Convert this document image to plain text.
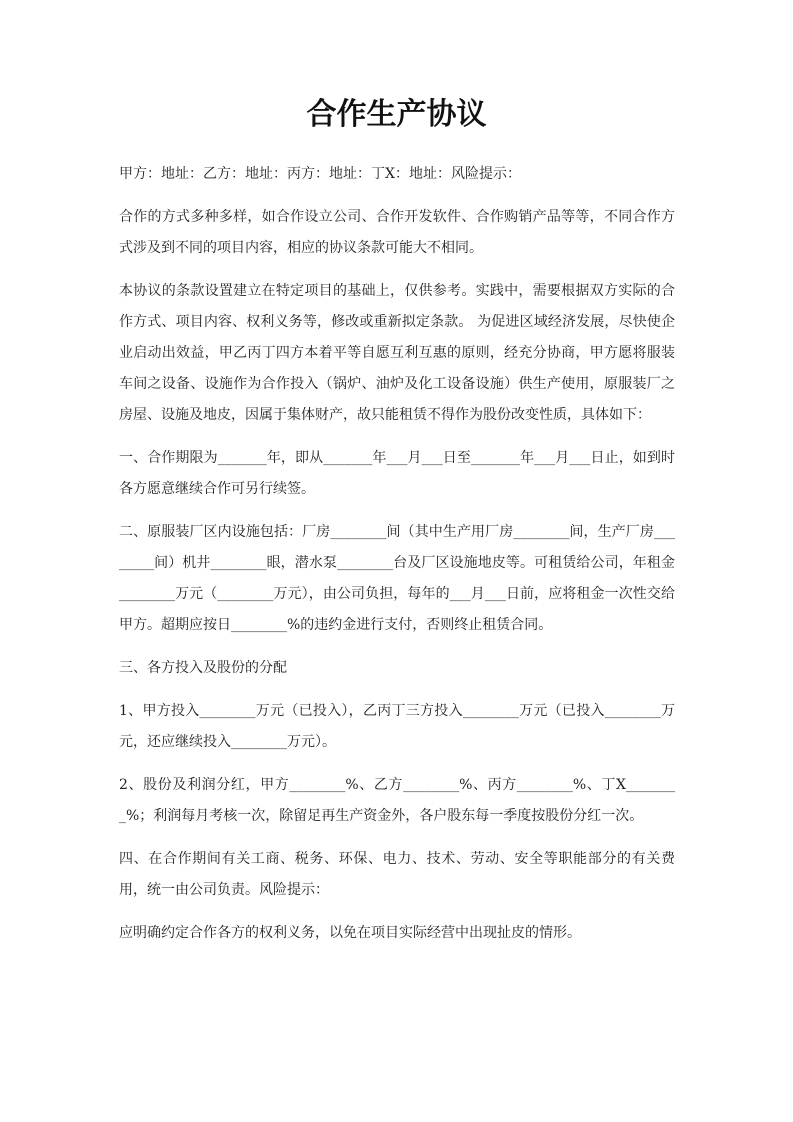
合作生产协议

甲方：地址：乙方：地址：丙方：地址：丁X：地址：风险提示：

合作的方式多种多样，如合作设立公司、合作开发软件、合作购销产品等等，不同合作方式涉及到不同的项目内容，相应的协议条款可能大不相同。

本协议的条款设置建立在特定项目的基础上，仅供参考。实践中，需要根据双方实际的合作方式、项目内容、权利义务等，修改或重新拟定条款。 为促进区域经济发展，尽快使企业启动出效益，甲乙丙丁四方本着平等自愿互利互惠的原则，经充分协商，甲方愿将服装车间之设备、设施作为合作投入（锅炉、油炉及化工设备设施）供生产使用，原服装厂之房屋、设施及地皮，因属于集体财产，故只能租赁不得作为股份改变性质，具体如下：

一、合作期限为_______年，即从_______年___月___日至_______年___月___日止，如到时各方愿意继续合作可另行续签。

二、原服装厂区内设施包括：厂房________间（其中生产用厂房________间，生产厂房________间）机井________眼，潜水泵________台及厂区设施地皮等。可租赁给公司，年租金________万元（________万元），由公司负担，每年的___月___日前，应将租金一次性交给甲方。超期应按日________%的违约金进行支付，否则终止租赁合同。

三、各方投入及股份的分配

1、甲方投入________万元（已投入），乙丙丁三方投入________万元（已投入________万元，还应继续投入________万元）。

2、股份及利润分红，甲方________%、乙方________%、丙方________%、丁X________%；利润每月考核一次，除留足再生产资金外，各户股东每一季度按股份分红一次。

四、在合作期间有关工商、税务、环保、电力、技术、劳动、安全等职能部分的有关费用，统一由公司负责。风险提示：

应明确约定合作各方的权利义务，以免在项目实际经营中出现扯皮的情形。
